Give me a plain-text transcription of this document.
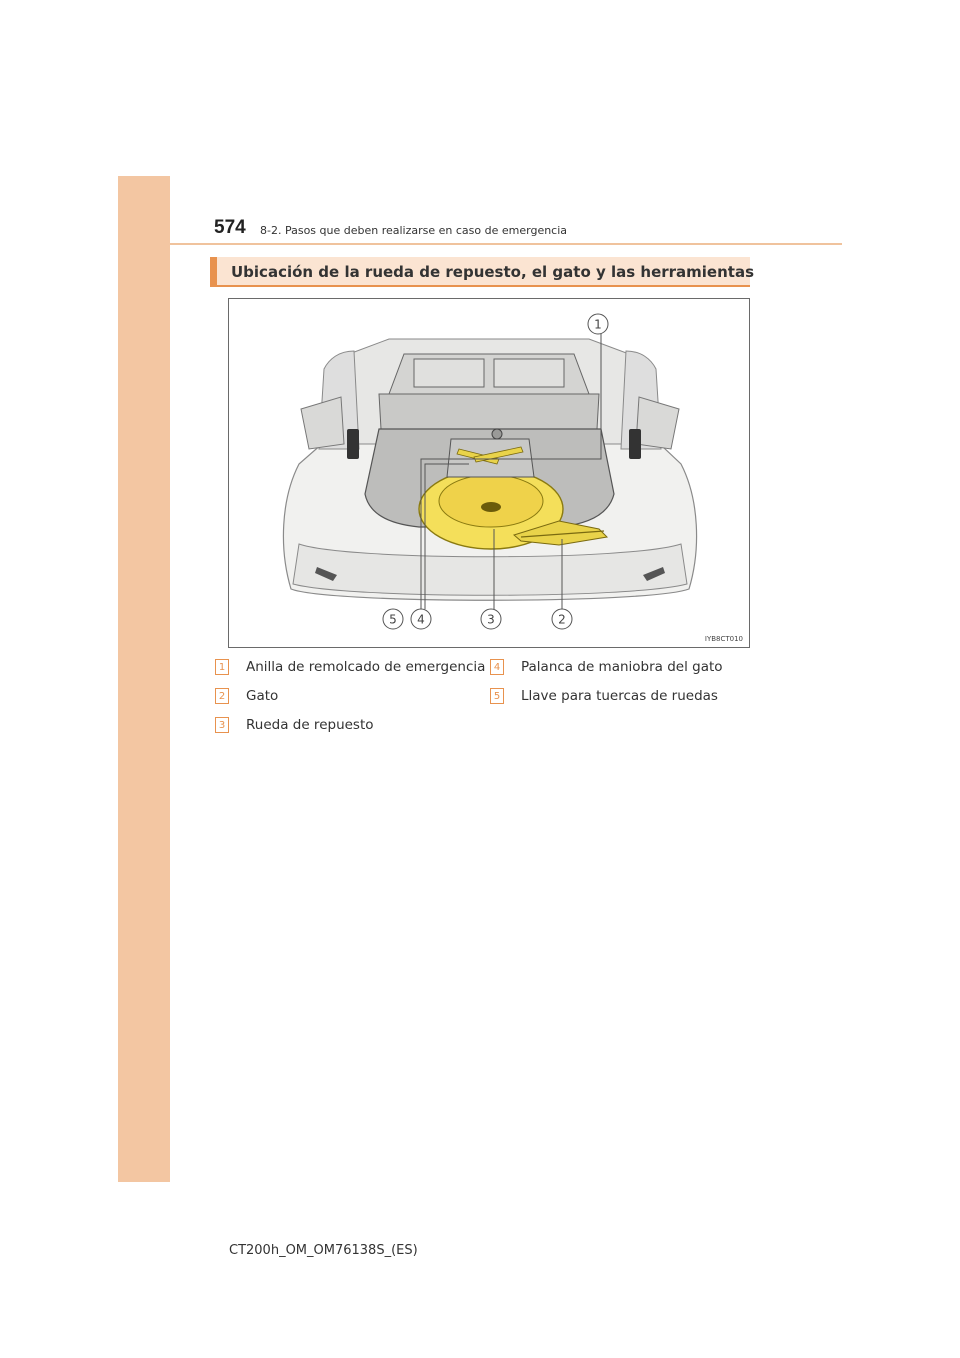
574 8-2. Pasos que deben realizarse en caso de emergencia
Ubicación de la rueda de repuesto, el gato y las herramientas
1
5 4	3	2
IYB8CT010
1 Anilla de remolcado de emergencia
2 Gato
3 Rueda de repuesto
4 Palanca de maniobra del gato
5 Llave para tuercas de ruedas
CT200h_OM_OM76138S_(ES)
